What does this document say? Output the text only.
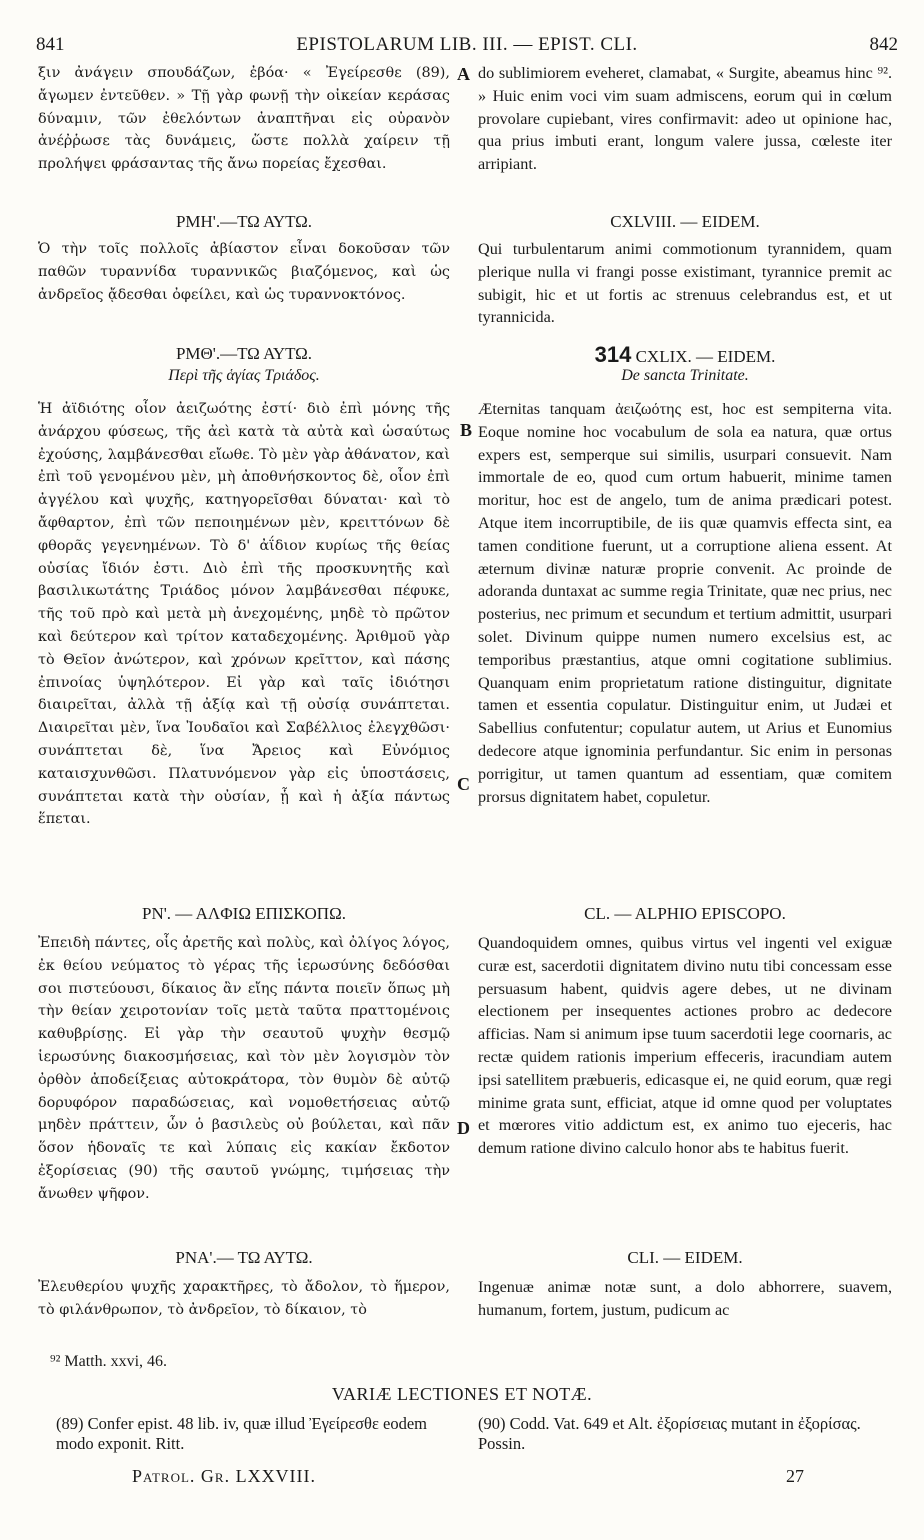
841	EPISTOLARUM LIB. III. — EPIST. CLI.	842
ξιν ἀνάγειν σπουδάζων, ἐβόα· « Ἐγείρεσθε (89), ἄγωμεν ἐντεῦθεν. » Τῇ γὰρ φωνῇ τὴν οἰκείαν κεράσας δύναμιν, τῶν ἐθελόντων ἀναπτῆναι εἰς οὐρανὸν ἀνέῤῥωσε τὰς δυνάμεις, ὥστε πολλὰ χαίρειν τῇ προλήψει φράσαντας τῆς ἄνω πορείας ἔχεσθαι.
do sublimiorem eveheret, clamabat, « Surgite, abeamus hinc ⁹². » Huic enim voci vim suam admiscens, eorum qui in cœlum provolare cupiebant, vires confirmavit: adeo ut opinione hac, qua prius imbuti erant, longum valere jussa, cœleste iter arripiant.
A
ΡΜΗ'.—ΤΩ ΑΥΤΩ.	CXLVIII. — EIDEM.
Ὁ τὴν τοῖς πολλοῖς ἀβίαστον εἶναι δοκοῦσαν τῶν παθῶν τυραννίδα τυραννικῶς βιαζόμενος, καὶ ὡς ἀνδρεῖος ᾄδεσθαι ὀφείλει, καὶ ὡς τυραννοκτόνος.
Qui turbulentarum animi commotionum tyrannidem, quam plerique nulla vi frangi posse existimant, tyrannice premit ac subigit, hic et ut fortis ac strenuus celebrandus est, et ut tyrannicida.
ΡΜΘ'.—ΤΩ ΑΥΤΩ.
Περὶ τῆς ἁγίας Τριάδος.
314 CXLIX. — EIDEM.
De sancta Trinitate.
Ἡ ἀϊδιότης οἷον ἀειζωότης ἐστί· διὸ ἐπὶ μόνης τῆς ἀνάρχου φύσεως, τῆς ἀεὶ κατὰ τὰ αὐτὰ καὶ ὡσαύτως ἐχούσης, λαμβάνεσθαι εἴωθε. Τὸ μὲν γὰρ ἀθάνατον, καὶ ἐπὶ τοῦ γενομένου μὲν, μὴ ἀποθνήσκοντος δὲ, οἷον ἐπὶ ἀγγέλου καὶ ψυχῆς, κατηγορεῖσθαι δύναται· καὶ τὸ ἄφθαρτον, ἐπὶ τῶν πεποιημένων μὲν, κρειττόνων δὲ φθορᾶς γεγενημένων. Τὸ δ' ἀΐδιον κυρίως τῆς θείας οὐσίας ἴδιόν ἐστι. Διὸ ἐπὶ τῆς προσκυνητῆς καὶ βασιλικωτάτης Τριάδος μόνον λαμβάνεσθαι πέφυκε, τῆς τοῦ πρὸ καὶ μετὰ μὴ ἀνεχομένης, μηδὲ τὸ πρῶτον καὶ δεύτερον καὶ τρίτον καταδεχομένης. Ἀριθμοῦ γὰρ τὸ Θεῖον ἀνώτερον, καὶ χρόνων κρεῖττον, καὶ πάσης ἐπινοίας ὑψηλότερον. Εἰ γὰρ καὶ ταῖς ἰδιότησι διαιρεῖται, ἀλλὰ τῇ ἀξίᾳ καὶ τῇ οὐσίᾳ συνάπτεται. Διαιρεῖται μὲν, ἵνα Ἰουδαῖοι καὶ Σαβέλλιος ἐλεγχθῶσι· συνάπτεται δὲ, ἵνα Ἄρειος καὶ Εὐνόμιος καταισχυνθῶσι. Πλατυνόμενον γὰρ εἰς ὑποστάσεις, συνάπτεται κατὰ τὴν οὐσίαν, ᾗ καὶ ἡ ἀξία πάντως ἕπεται.
Æternitas tanquam ἀειζωότης est, hoc est sempiterna vita. Eoque nomine hoc vocabulum de sola ea natura, quæ ortus expers est, semperque sui similis, usurpari consuevit. Nam immortale de eo, quod cum ortum habuerit, minime tamen moritur, hoc est de angelo, tum de anima prædicari potest. Atque item incorruptibile, de iis quæ quamvis effecta sint, ea tamen conditione fuerunt, ut a corruptione aliena essent. At æternum divinæ naturæ proprie convenit. Ac proinde de adoranda duntaxat ac summe regia Trinitate, quæ nec prius, nec posterius, nec primum et secundum et tertium admittit, usurpari solet. Divinum quippe numen numero excelsius est, ac temporibus præstantius, atque omni cogitatione sublimius. Quanquam enim proprietatum ratione distinguitur, dignitate tamen et essentia copulatur. Distinguitur enim, ut Judæi et Sabellius confutentur; copulatur autem, ut Arius et Eunomius dedecore atque ignominia perfundantur. Sic enim in personas porrigitur, ut tamen quantum ad essentiam, quæ comitem prorsus dignitatem habet, copuletur.
B
C
ΡΝ'. — ΑΛΦΙΩ ΕΠΙΣΚΟΠΩ.	CL. — ALPHIO EPISCOPO.
Ἐπειδὴ πάντες, οἷς ἀρετῆς καὶ πολὺς, καὶ ὀλίγος λόγος, ἐκ θείου νεύματος τὸ γέρας τῆς ἱερωσύνης δεδόσθαι σοι πιστεύουσι, δίκαιος ἂν εἴης πάντα ποιεῖν ὅπως μὴ τὴν θείαν χειροτονίαν τοῖς μετὰ ταῦτα πραττομένοις καθυβρίσῃς. Εἰ γὰρ τὴν σεαυτοῦ ψυχὴν θεσμῷ ἱερωσύνης διακοσμήσειας, καὶ τὸν μὲν λογισμὸν τὸν ὀρθὸν ἀποδείξειας αὐτοκράτορα, τὸν θυμὸν δὲ αὐτῷ δορυφόρον παραδώσειας, καὶ νομοθετήσειας αὐτῷ μηδὲν πράττειν, ὧν ὁ βασιλεὺς οὐ βούλεται, καὶ πᾶν ὅσον ἡδοναῖς τε καὶ λύπαις εἰς κακίαν ἔκδοτον ἐξορίσειας (90) τῆς σαυτοῦ γνώμης, τιμήσειας τὴν ἄνωθεν ψῆφον.
Quandoquidem omnes, quibus virtus vel ingenti vel exiguæ curæ est, sacerdotii dignitatem divino nutu tibi concessam esse persuasum habent, quidvis agere debes, ut ne divinam electionem per insequentes actiones probro ac dedecore afficias. Nam si animum ipse tuum sacerdotii lege coornaris, ac rectæ quidem rationis imperium effeceris, iracundiam autem ipsi satellitem præbueris, edicasque ei, ne quid eorum, quæ regi minime grata sunt, efficiat, atque id omne quod per voluptates et mœrores vitio addictum est, ex animo tuo ejeceris, hac demum ratione divino calculo honor abs te habitus fuerit.
D
ΡΝΑ'.— ΤΩ ΑΥΤΩ.	CLI. — EIDEM.
Ἐλευθερίου ψυχῆς χαρακτῆρες, τὸ ἄδολον, τὸ ἥμερον, τὸ φιλάνθρωπον, τὸ ἀνδρεῖον, τὸ δίκαιον, τὸ
Ingenuæ animæ notæ sunt, a dolo abhorrere, suavem, humanum, fortem, justum, pudicum ac
⁹² Matth. xxvi, 46.
VARIÆ LECTIONES ET NOTÆ.
(89) Confer epist. 48 lib. iv, quæ illud Ἐγείρεσθε eodem modo exponit. Ritt.
(90) Codd. Vat. 649 et Alt. ἐξορίσειας mutant in ἐξορίσας. Possin.
Patrol. Gr. LXXVIII.	27
